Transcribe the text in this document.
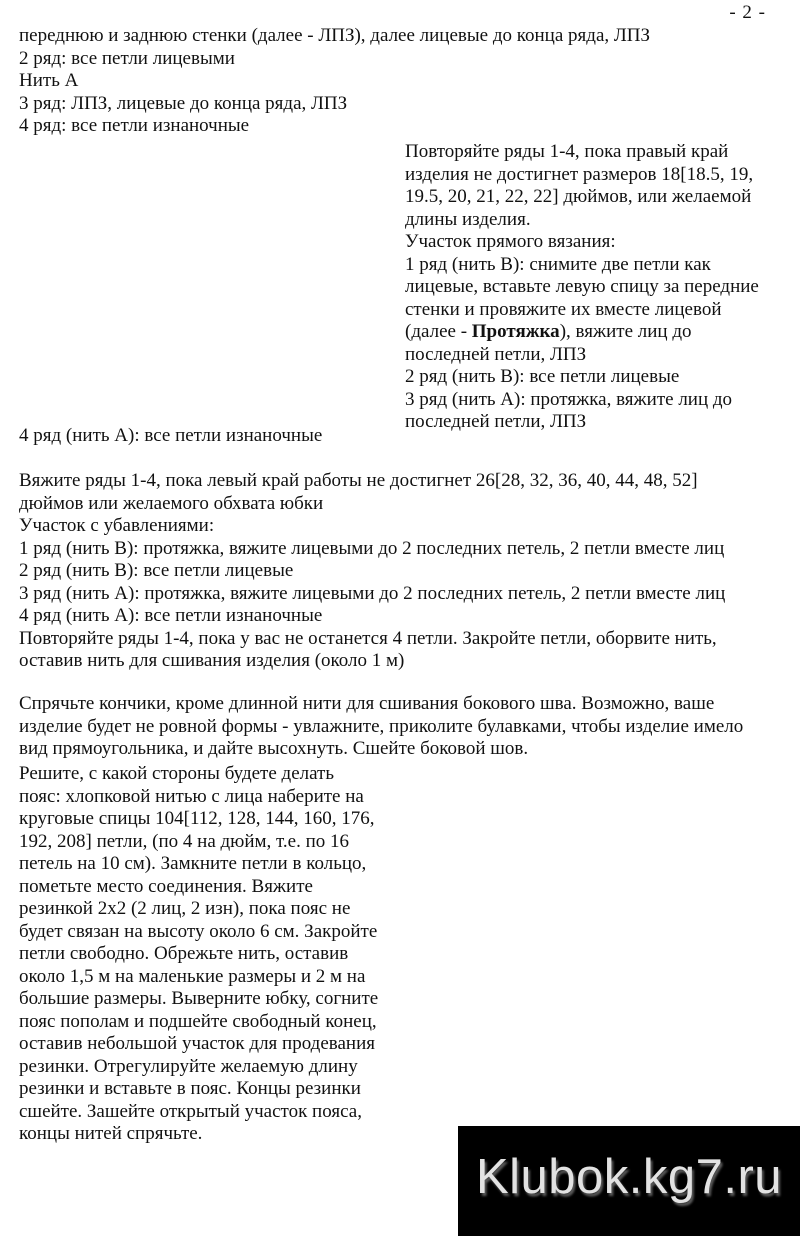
- 2 -
переднюю и заднюю стенки (далее - ЛПЗ), далее лицевые до конца ряда, ЛПЗ
2 ряд: все петли лицевыми
Нить А
3 ряд: ЛПЗ, лицевые до конца ряда, ЛПЗ
4 ряд: все петли изнаночные
Повторяйте ряды 1-4, пока правый край
изделия не достигнет размеров 18[18.5, 19,
19.5, 20, 21, 22, 22] дюймов, или желаемой
длины изделия.
Участок прямого вязания:
1 ряд (нить В): снимите две петли как
лицевые, вставьте левую спицу за передние
стенки и провяжите их вместе лицевой
(далее - Протяжка), вяжите лиц до
последней петли, ЛПЗ
2 ряд (нить В): все петли лицевые
3 ряд (нить А): протяжка, вяжите лиц до
последней петли, ЛПЗ
4 ряд (нить А): все петли изнаночные
Вяжите ряды 1-4, пока левый край работы не достигнет 26[28, 32, 36, 40, 44, 48, 52]
дюймов или желаемого обхвата юбки
Участок с убавлениями:
1 ряд (нить В): протяжка, вяжите лицевыми до 2 последних петель, 2 петли вместе лиц
2 ряд (нить В): все петли лицевые
3 ряд (нить А): протяжка, вяжите лицевыми до 2 последних петель, 2 петли вместе лиц
4 ряд (нить А): все петли изнаночные
Повторяйте ряды 1-4, пока у вас не останется 4 петли. Закройте петли, оборвите нить,
оставив нить для сшивания изделия (около 1 м)
Спрячьте кончики, кроме длинной нити для сшивания бокового шва. Возможно, ваше
изделие будет не ровной формы - увлажните, приколите булавками, чтобы изделие имело
вид прямоугольника, и дайте высохнуть. Сшейте боковой шов.
Решите, с какой стороны будете делать
пояс: хлопковой нитью с лица наберите на
круговые спицы 104[112, 128, 144, 160, 176,
192, 208] петли, (по 4 на дюйм, т.е. по 16
петель на 10 см). Замкните петли в кольцо,
пометьте место соединения. Вяжите
резинкой 2х2 (2 лиц, 2 изн), пока пояс не
будет связан на высоту около 6 см. Закройте
петли свободно. Обрежьте нить, оставив
около 1,5 м на маленькие размеры и 2 м на
большие размеры. Выверните юбку, согните
пояс пополам и подшейте свободный конец,
оставив небольшой участок для продевания
резинки. Отрегулируйте желаемую длину
резинки и вставьте в пояс. Концы резинки
сшейте. Зашейте открытый участок пояса,
концы нитей спрячьте.
Klubok.kg7.ru
